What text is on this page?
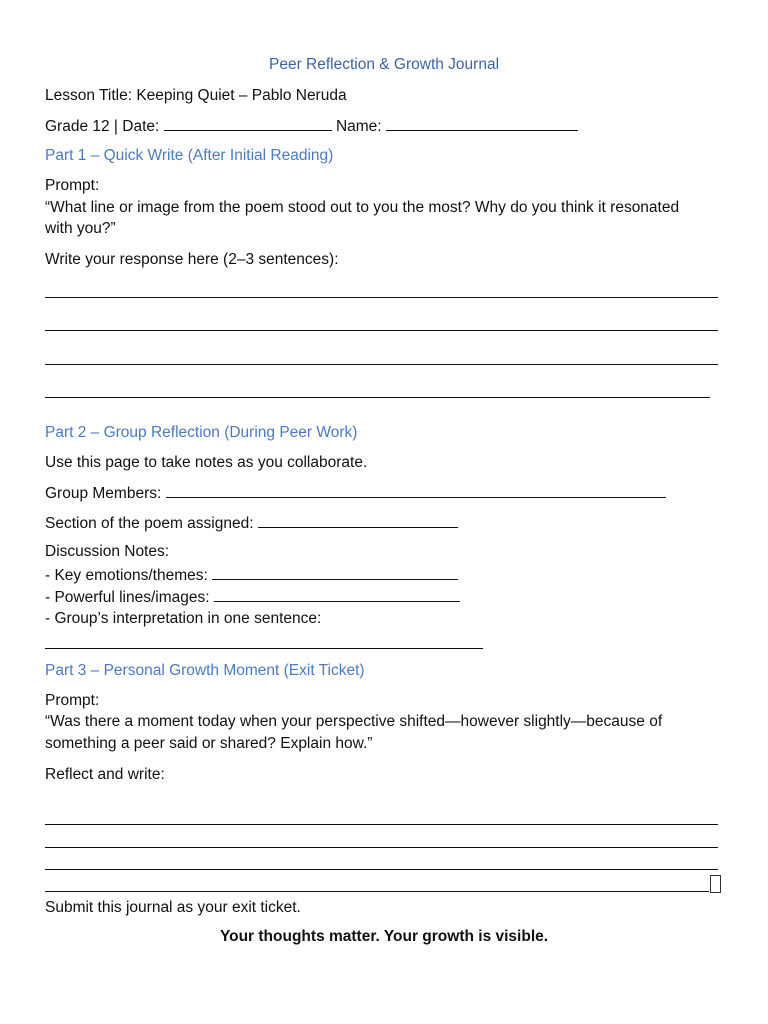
Peer Reflection & Growth Journal
Lesson Title: Keeping Quiet – Pablo Neruda
Grade 12 | Date:	Name:
Part 1 – Quick Write (After Initial Reading)
Prompt:
“What line or image from the poem stood out to you the most? Why do you think it resonated
with you?”
Write your response here (2–3 sentences):
Part 2 – Group Reflection (During Peer Work)
Use this page to take notes as you collaborate.
Group Members:
Section of the poem assigned:
Discussion Notes:
- Key emotions/themes:
- Powerful lines/images:
- Group’s interpretation in one sentence:
Part 3 – Personal Growth Moment (Exit Ticket)
Prompt:
“Was there a moment today when your perspective shifted—however slightly—because of
something a peer said or shared? Explain how.”
Reflect and write:
Submit this journal as your exit ticket.
Your thoughts matter. Your growth is visible.
